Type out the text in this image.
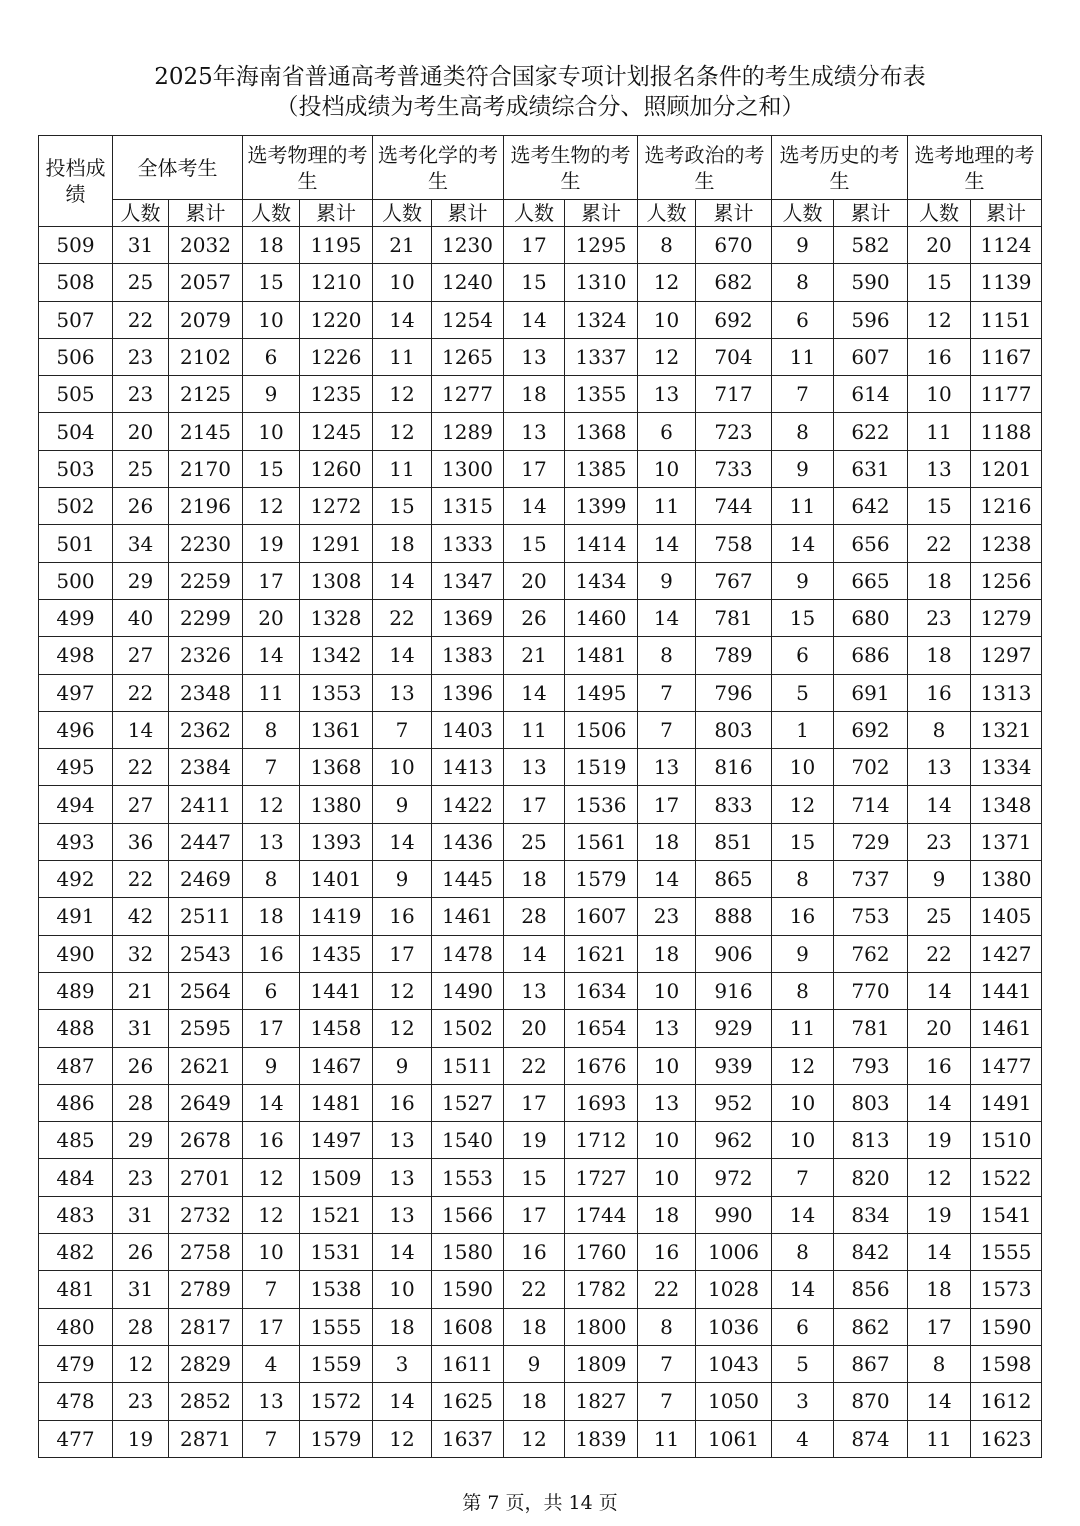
2025年海南省普通高考普通类符合国家专项计划报名条件的考生成绩分布表
（投档成绩为考生高考成绩综合分、照顾加分之和）
投档成绩	全体考生		选考物理的考生		选考化学的考生		选考生物的考生		选考政治的考生		选考历史的考生		选考地理的考生	
	人数	累计	人数	累计	人数	累计	人数	累计	人数	累计	人数	累计	人数	累计
509	31	2032	18	1195	21	1230	17	1295	8	670	9	582	20	1124
508	25	2057	15	1210	10	1240	15	1310	12	682	8	590	15	1139
507	22	2079	10	1220	14	1254	14	1324	10	692	6	596	12	1151
506	23	2102	6	1226	11	1265	13	1337	12	704	11	607	16	1167
505	23	2125	9	1235	12	1277	18	1355	13	717	7	614	10	1177
504	20	2145	10	1245	12	1289	13	1368	6	723	8	622	11	1188
503	25	2170	15	1260	11	1300	17	1385	10	733	9	631	13	1201
502	26	2196	12	1272	15	1315	14	1399	11	744	11	642	15	1216
501	34	2230	19	1291	18	1333	15	1414	14	758	14	656	22	1238
500	29	2259	17	1308	14	1347	20	1434	9	767	9	665	18	1256
499	40	2299	20	1328	22	1369	26	1460	14	781	15	680	23	1279
498	27	2326	14	1342	14	1383	21	1481	8	789	6	686	18	1297
497	22	2348	11	1353	13	1396	14	1495	7	796	5	691	16	1313
496	14	2362	8	1361	7	1403	11	1506	7	803	1	692	8	1321
495	22	2384	7	1368	10	1413	13	1519	13	816	10	702	13	1334
494	27	2411	12	1380	9	1422	17	1536	17	833	12	714	14	1348
493	36	2447	13	1393	14	1436	25	1561	18	851	15	729	23	1371
492	22	2469	8	1401	9	1445	18	1579	14	865	8	737	9	1380
491	42	2511	18	1419	16	1461	28	1607	23	888	16	753	25	1405
490	32	2543	16	1435	17	1478	14	1621	18	906	9	762	22	1427
489	21	2564	6	1441	12	1490	13	1634	10	916	8	770	14	1441
488	31	2595	17	1458	12	1502	20	1654	13	929	11	781	20	1461
487	26	2621	9	1467	9	1511	22	1676	10	939	12	793	16	1477
486	28	2649	14	1481	16	1527	17	1693	13	952	10	803	14	1491
485	29	2678	16	1497	13	1540	19	1712	10	962	10	813	19	1510
484	23	2701	12	1509	13	1553	15	1727	10	972	7	820	12	1522
483	31	2732	12	1521	13	1566	17	1744	18	990	14	834	19	1541
482	26	2758	10	1531	14	1580	16	1760	16	1006	8	842	14	1555
481	31	2789	7	1538	10	1590	22	1782	22	1028	14	856	18	1573
480	28	2817	17	1555	18	1608	18	1800	8	1036	6	862	17	1590
479	12	2829	4	1559	3	1611	9	1809	7	1043	5	867	8	1598
478	23	2852	13	1572	14	1625	18	1827	7	1050	3	870	14	1612
477	19	2871	7	1579	12	1637	12	1839	11	1061	4	874	11	1623
第 7 页，共 14 页
